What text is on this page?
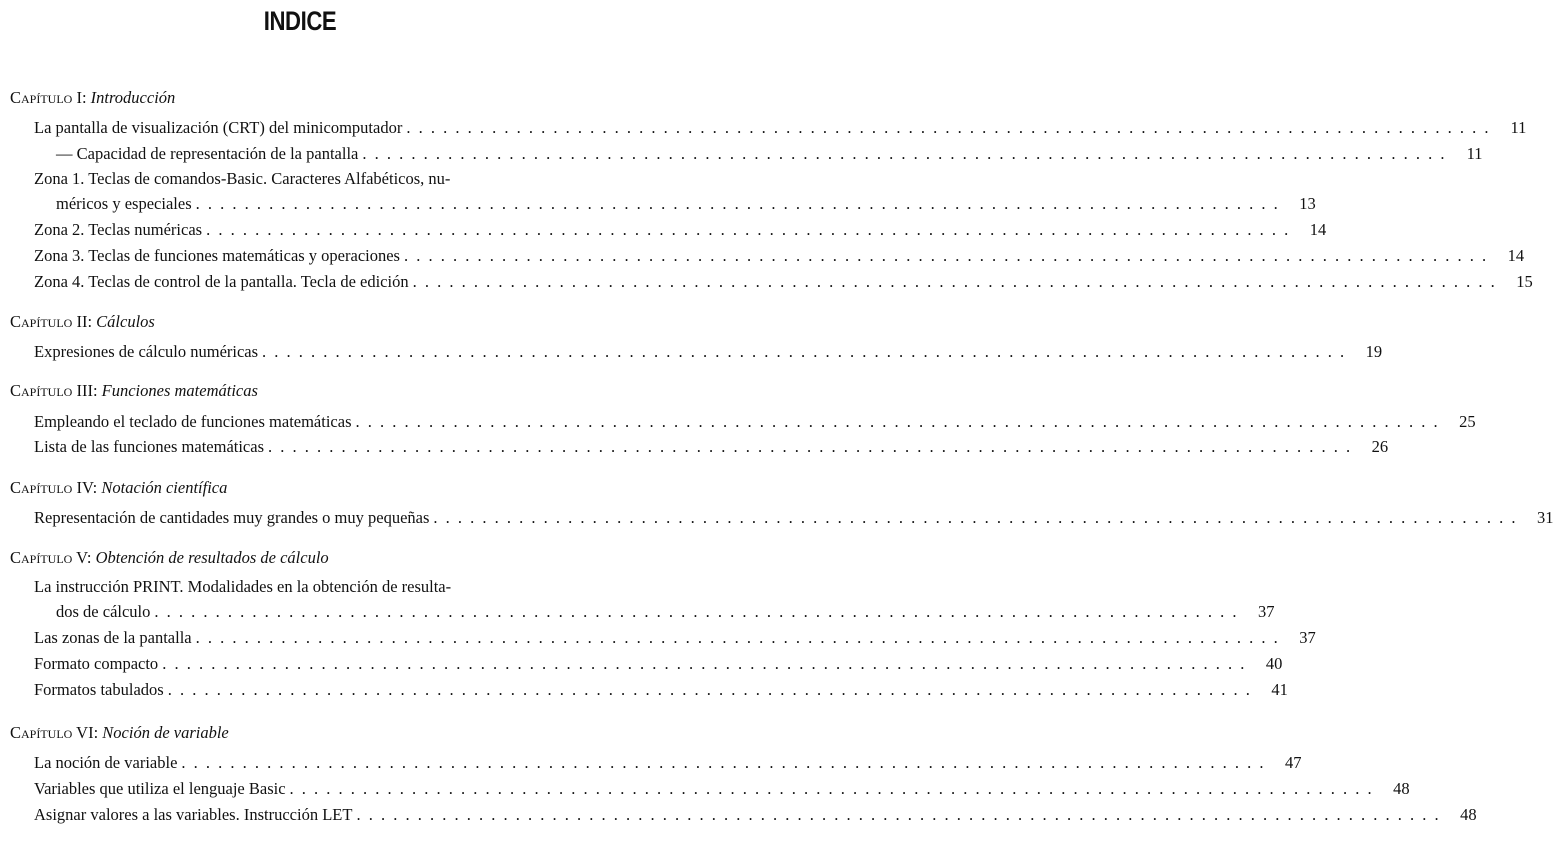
INDICE
Capítulo I: Introducción
La pantalla de visualización (CRT) del minicomputador . . .	11
— Capacidad de representación de la pantalla . . .	11
Zona 1. Teclas de comandos-Basic. Caracteres Alfabéticos, nu-
méricos y especiales . . .	13
Zona 2. Teclas numéricas . . .	14
Zona 3. Teclas de funciones matemáticas y operaciones . . .	14
Zona 4. Teclas de control de la pantalla. Tecla de edición . . .	15
Capítulo II: Cálculos
Expresiones de cálculo numéricas . . .	19
Capítulo III: Funciones matemáticas
Empleando el teclado de funciones matemáticas . . .	25
Lista de las funciones matemáticas . . .	26
Capítulo IV: Notación científica
Representación de cantidades muy grandes o muy pequeñas . . .	31
Capítulo V: Obtención de resultados de cálculo
La instrucción PRINT. Modalidades en la obtención de resulta-
dos de cálculo . . .	37
Las zonas de la pantalla . . .	37
Formato compacto . . .	40
Formatos tabulados . . .	41
Capítulo VI: Noción de variable
La noción de variable . . .	47
Variables que utiliza el lenguaje Basic . . .	48
Asignar valores a las variables. Instrucción LET . . .	48
